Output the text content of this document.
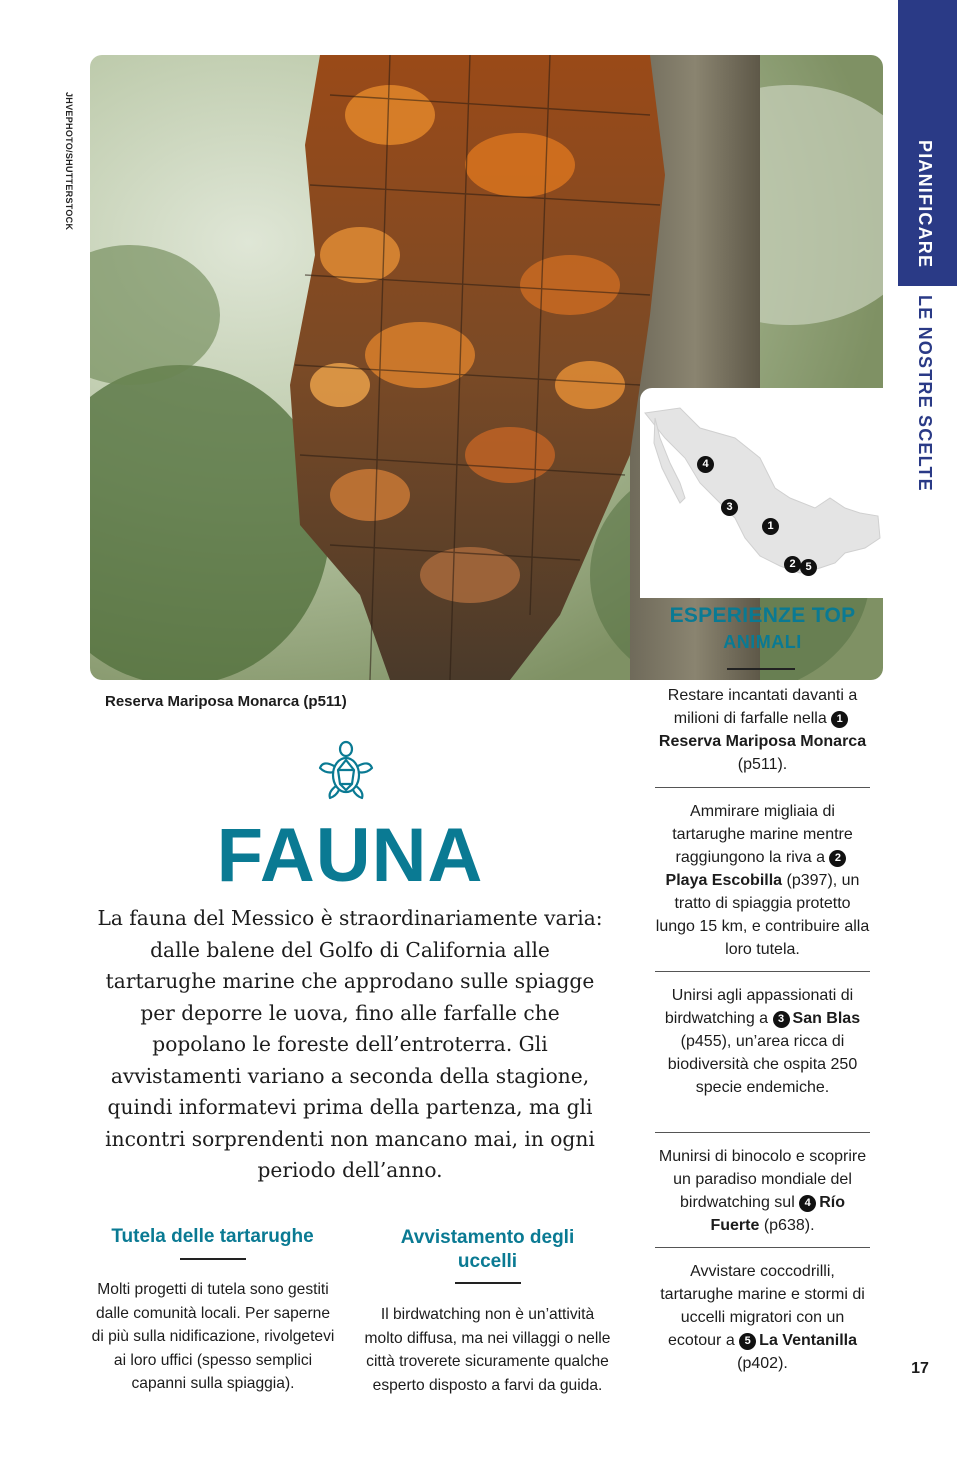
JHVEPHOTO/SHUTTERSTOCK	PIANIFICARE
LE NOSTRE SCELTE
4
3
1
2 5
ESPERIENZE TOP
ANIMALI
Restare incantati davanti a milioni di farfalle nella 1Reserva Mariposa Monarca (p511).
Ammirare migliaia di tartarughe marine mentre raggiungono la riva a 2Playa Escobilla (p397), un tratto di spiaggia protetto lungo 15 km, e contribuire alla loro tutela.
Unirsi agli appassionati di birdwatching a 3 San Blas (p455), un’area ricca di biodiversità che ospita 250 specie endemiche.
Munirsi di binocolo e scoprire un paradiso mondiale del birdwatching sul 4 Río Fuerte (p638).
Avvistare coccodrilli, tartarughe marine e stormi di uccelli migratori con un ecotour a 5 La Ventanilla (p402).
Reserva Mariposa Monarca (p511)
FAUNA
La fauna del Messico è straordinariamente varia: dalle balene del Golfo di California alle tartarughe marine che approdano sulle spiagge per deporre le uova, fino alle farfalle che popolano le foreste dell’entroterra. Gli avvistamenti variano a seconda della stagione, quindi informatevi prima della partenza, ma gli incontri sorprendenti non mancano mai, in ogni periodo dell’anno.
Tutela delle tartarughe
Molti progetti di tutela sono gestiti dalle comunità locali. Per saperne di più sulla nidificazione, rivolgetevi ai loro uffici (spesso semplici capanni sulla spiaggia).
Avvistamento degli uccelli
Il birdwatching non è un’attività molto diffusa, ma nei villaggi o nelle città troverete sicuramente qualche esperto disposto a farvi da guida.
17
